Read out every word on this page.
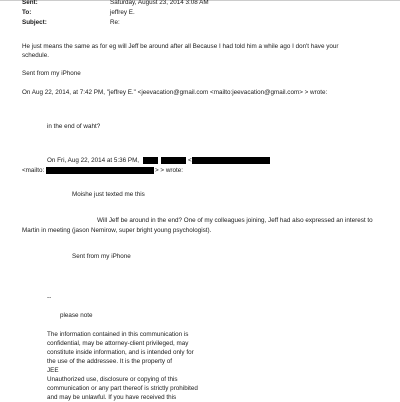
Sent:	Saturday, August 23, 2014 3:08 AM
To:	jeffrey E.
Subject:	Re:
He just means the same as for eg will Jeff be around after all Because I had told him a while ago I don't have your
schedule.
Sent from my iPhone
On Aug 22, 2014, at 7:42 PM, "jeffrey E." <jeevacation@gmail.com <mailto:jeevacation@gmail.com> > wrote:
in the end of waht?
On Fri, Aug 22, 2014 at 5:36 PM,	<
<mailto:	> > wrote:
Moishe just texted me this
Will Jeff be around in the end? One of my colleagues joining, Jeff had also expressed an interest to
Martin in meeting (jason Nemirow, super bright young psychologist).
Sent from my iPhone
--
please note
The information contained in this communication is
confidential, may be attorney-client privileged, may
constitute inside information, and is intended only for
the use of the addressee. It is the property of
JEE
Unauthorized use, disclosure or copying of this
communication or any part thereof is strictly prohibited
and may be unlawful. If you have received this
